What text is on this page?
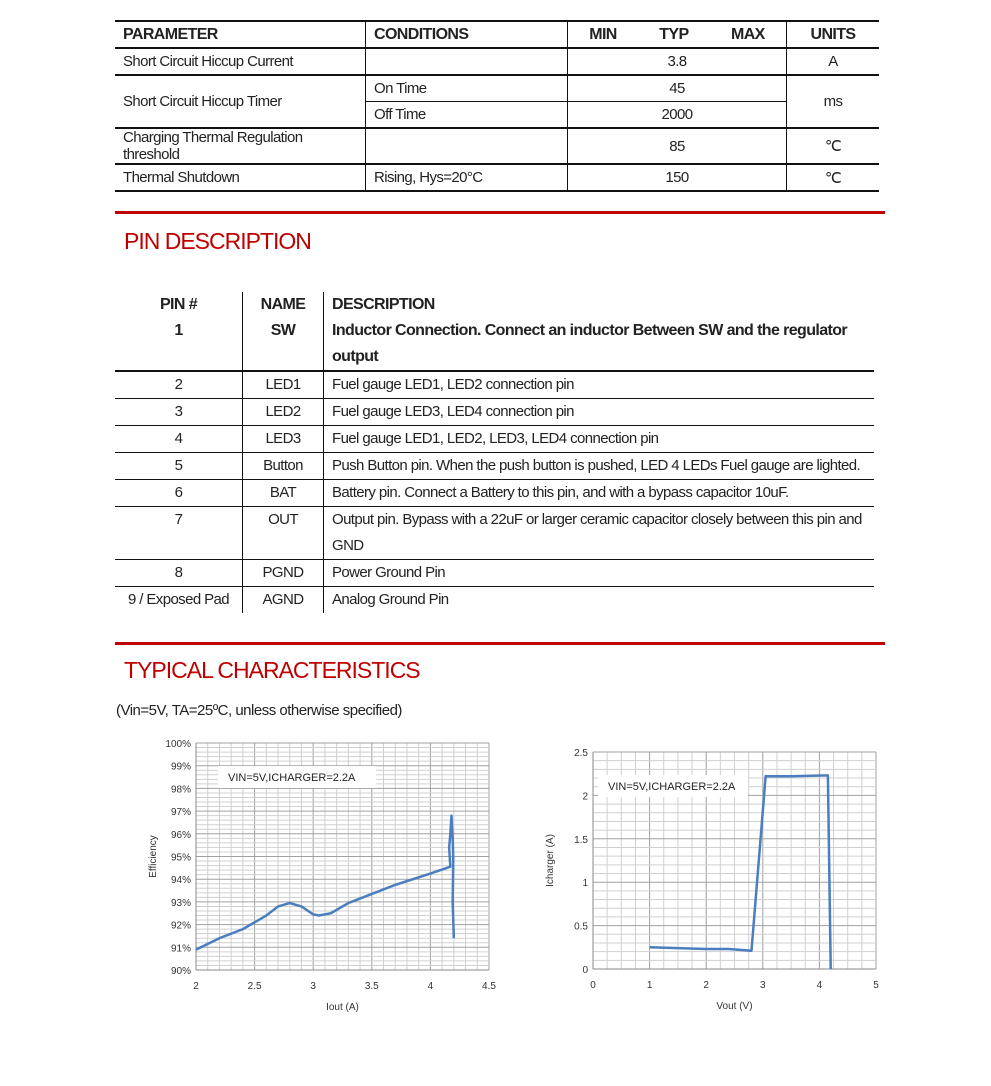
PARAMETER	CONDITIONS	MIN TYP MAX	UNITS
Short Circuit Hiccup Current		3.8	A
Short Circuit Hiccup Timer	On Time	45	ms
	Off Time	2000	
Charging Thermal Regulation threshold		85	℃
Thermal Shutdown	Rising, Hys=20°C	150	℃
PIN DESCRIPTION
PIN #	NAME	DESCRIPTION
1	SW	Inductor Connection. Connect an inductor Between SW and the regulator output
2	LED1	Fuel gauge LED1, LED2 connection pin
3	LED2	Fuel gauge LED3, LED4 connection pin
4	LED3	Fuel gauge LED1, LED2, LED3, LED4 connection pin
5	Button	Push Button pin. When the push button is pushed, LED 4 LEDs Fuel gauge are lighted.
6	BAT	Battery pin. Connect a Battery to this pin, and with a bypass capacitor 10uF.
7	OUT	Output pin. Bypass with a 22uF or larger ceramic capacitor closely between this pin and GND
8	PGND	Power Ground Pin
9 / Exposed Pad	AGND	Analog Ground Pin
TYPICAL CHARACTERISTICS
(Vin=5V, TA=25ºC, unless otherwise specified)
2	2.5	3	3.5	4	4.5
90%
91%
92%
93%
94%
95%
96%
97%
98%
99%
100%
Iout (A)
Efficiency
VIN=5V,ICHARGER=2.2A
0	1	2	3	4	5
0
0.5
1
1.5
2
2.5
Vout (V)
Icharger (A)
VIN=5V,ICHARGER=2.2A
